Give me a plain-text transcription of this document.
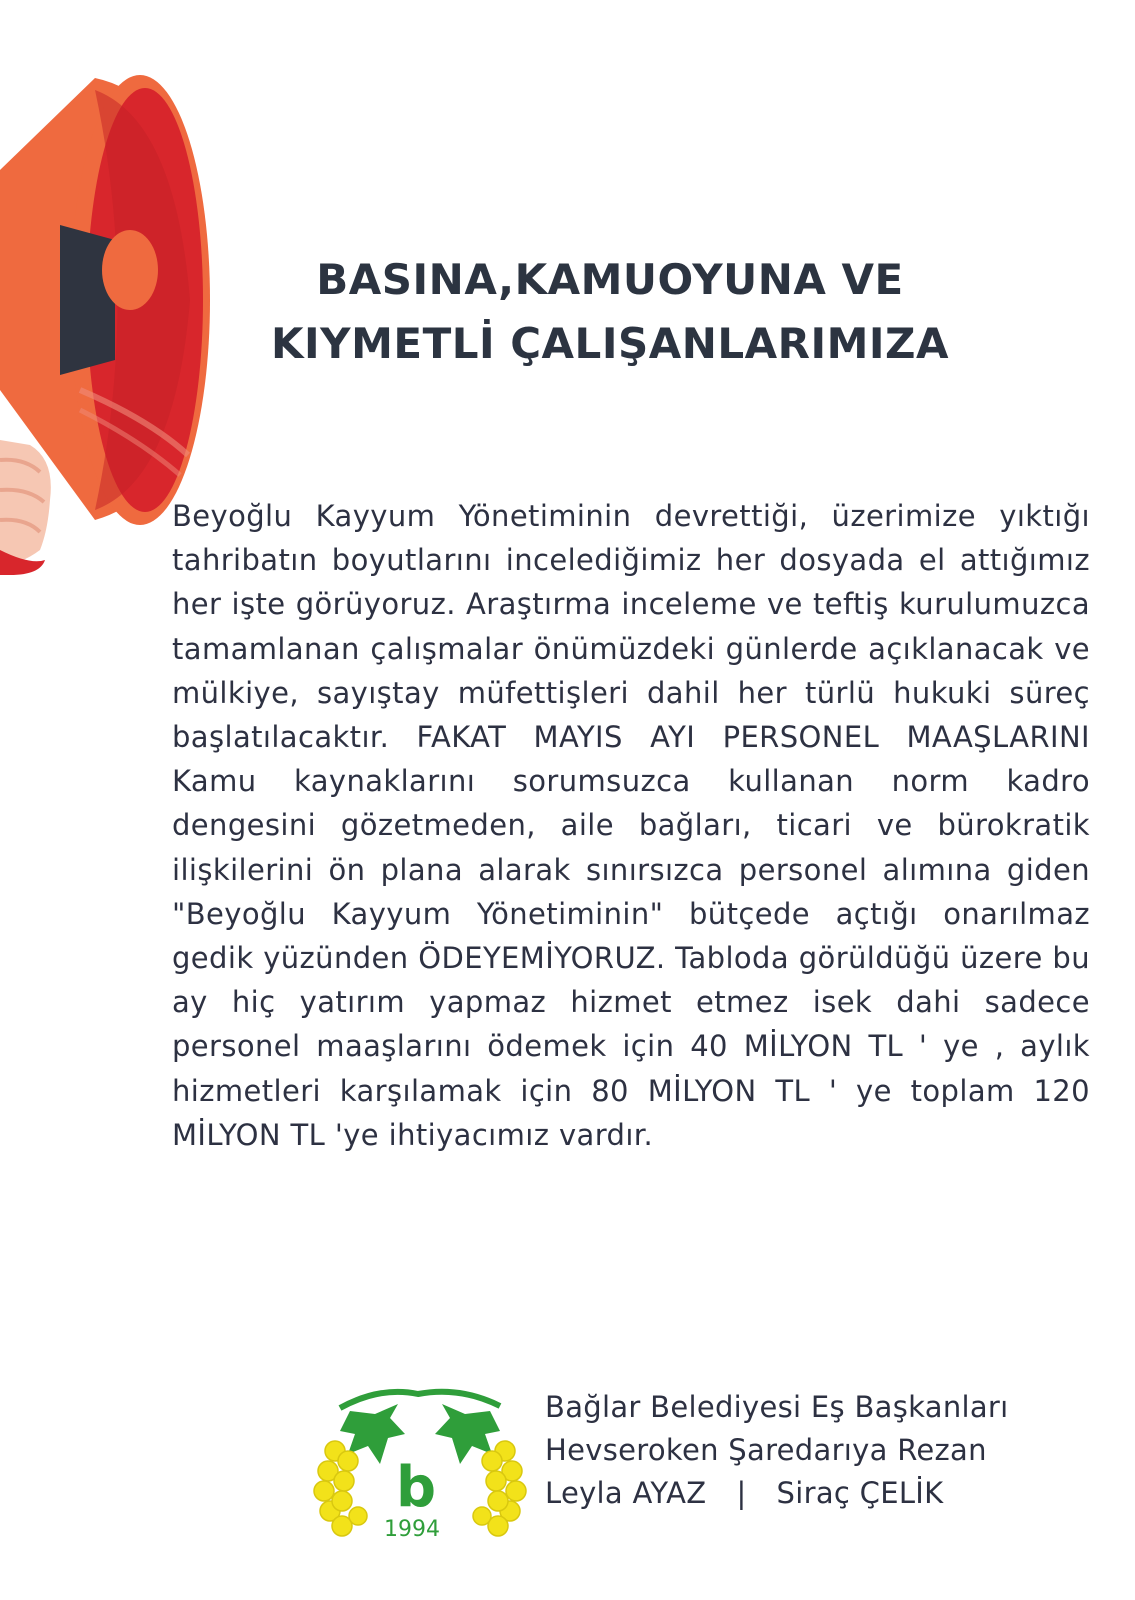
BASINA,KAMUOYUNA VE
KIYMETLİ ÇALIŞANLARIMIZA
Beyoğlu Kayyum Yönetiminin devrettiği, üzerimize yıktığı tahribatın boyutlarını incelediğimiz her dosyada el attığımız her işte görüyoruz. Araştırma inceleme ve teftiş kurulumuzca tamamlanan çalışmalar önümüzdeki günlerde açıklanacak ve mülkiye, sayıştay müfettişleri dahil her türlü hukuki süreç başlatılacaktır. FAKAT MAYIS AYI PERSONEL MAAŞLARINI Kamu kaynaklarını sorumsuzca kullanan norm kadro dengesini gözetmeden, aile bağları, ticari ve bürokratik ilişkilerini ön plana alarak sınırsızca personel alımına giden "Beyoğlu Kayyum Yönetiminin" bütçede açtığı onarılmaz gedik yüzünden ÖDEYEMİYORUZ. Tabloda görüldüğü üzere bu ay hiç yatırım yapmaz hizmet etmez isek dahi sadece personel maaşlarını ödemek için 40 MİLYON TL ' ye , aylık hizmetleri karşılamak için 80 MİLYON TL ' ye toplam 120 MİLYON TL 'ye ihtiyacımız vardır.
b
1994
Bağlar Belediyesi Eş Başkanları
Hevseroken Şaredarıya Rezan
Leyla AYAZ | Siraç ÇELİK
